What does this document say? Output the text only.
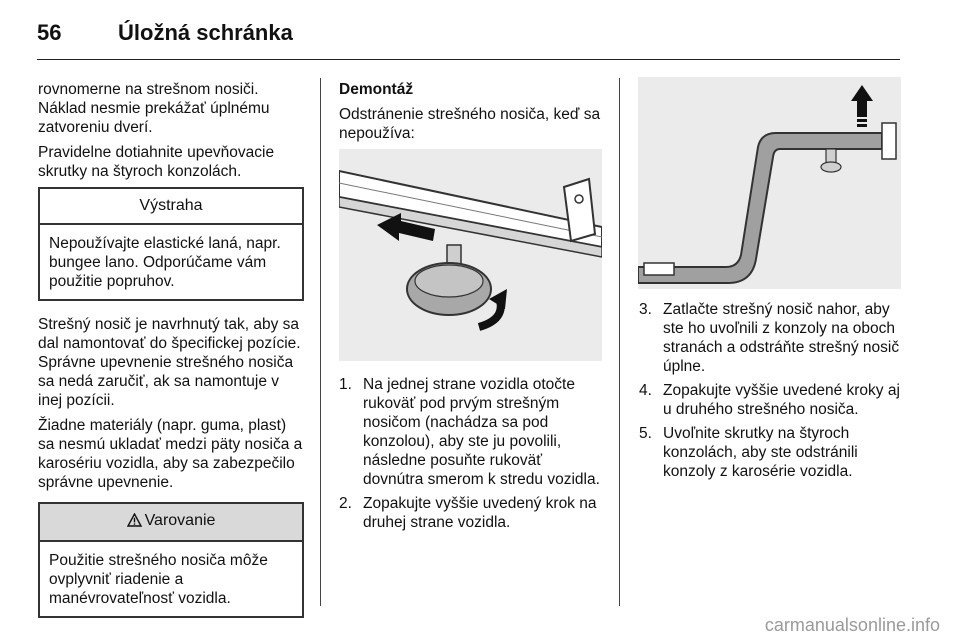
56	Úložná schránka

rovnomerne na strešnom nosiči. Náklad nesmie prekážať úplnému zatvoreniu dverí.

Pravidelne dotiahnite upevňovacie skrutky na štyroch konzolách.

Výstraha
Nepoužívajte elastické laná, napr. bungee lano. Odporúčame vám použitie popruhov.

Strešný nosič je navrhnutý tak, aby sa dal namontovať do špecifickej pozície. Správne upevnenie strešného nosiča sa nedá zaručiť, ak sa namontuje v inej pozícii.

Žiadne materiály (napr. guma, plast) sa nesmú ukladať medzi päty nosiča a karosériu vozidla, aby sa zabezpečilo správne upevnenie.

Varovanie
Použitie strešného nosiča môže ovplyvniť riadenie a manévrovateľnosť vozidla.

Demontáž

Odstránenie strešného nosiča, keď sa nepoužíva:

1. Na jednej strane vozidla otočte rukoväť pod prvým strešným nosičom (nachádza sa pod konzolou), aby ste ju povolili, následne posuňte rukoväť dovnútra smerom k stredu vozidla.
2. Zopakujte vyššie uvedený krok na druhej strane vozidla.
3. Zatlačte strešný nosič nahor, aby ste ho uvoľnili z konzoly na oboch stranách a odstráňte strešný nosič úplne.
4. Zopakujte vyššie uvedené kroky aj u druhého strešného nosiča.
5. Uvoľnite skrutky na štyroch konzolách, aby ste odstránili konzoly z karosérie vozidla.
carmanualsonline.info
